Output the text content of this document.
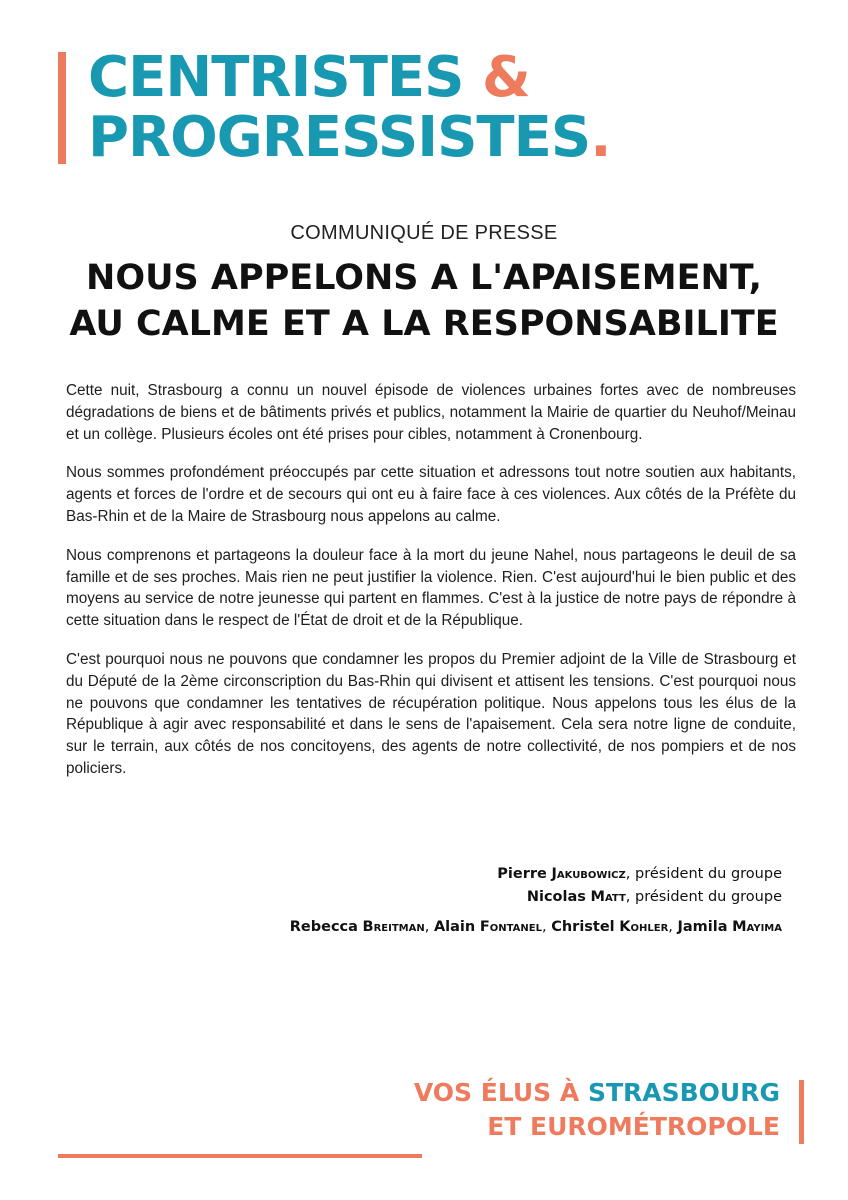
CENTRISTES &
PROGRESSISTES.
COMMUNIQUÉ DE PRESSE
NOUS APPELONS A L'APAISEMENT,
AU CALME ET A LA RESPONSABILITE

Cette nuit, Strasbourg a connu un nouvel épisode de violences urbaines fortes avec de nombreuses dégradations de biens et de bâtiments privés et publics, notamment la Mairie de quartier du Neuhof/Meinau et un collège. Plusieurs écoles ont été prises pour cibles, notamment à Cronenbourg.

Nous sommes profondément préoccupés par cette situation et adressons tout notre soutien aux habitants, agents et forces de l'ordre et de secours qui ont eu à faire face à ces violences. Aux côtés de la Préfète du Bas-Rhin et de la Maire de Strasbourg nous appelons au calme.

Nous comprenons et partageons la douleur face à la mort du jeune Nahel, nous partageons le deuil de sa famille et de ses proches. Mais rien ne peut justifier la violence. Rien. C'est aujourd'hui le bien public et des moyens au service de notre jeunesse qui partent en flammes. C'est à la justice de notre pays de répondre à cette situation dans le respect de l'État de droit et de la République.

C'est pourquoi nous ne pouvons que condamner les propos du Premier adjoint de la Ville de Strasbourg et du Député de la 2ème circonscription du Bas-Rhin qui divisent et attisent les tensions. C'est pourquoi nous ne pouvons que condamner les tentatives de récupération politique. Nous appelons tous les élus de la République à agir avec responsabilité et dans le sens de l'apaisement. Cela sera notre ligne de conduite, sur le terrain, aux côtés de nos concitoyens, des agents de notre collectivité, de nos pompiers et de nos policiers.

Pierre Jakubowicz, président du groupe
Nicolas Matt, président du groupe
Rebecca Breitman, Alain Fontanel, Christel Kohler, Jamila Mayima
VOS ÉLUS À STRASBOURG
ET EUROMÉTROPOLE
